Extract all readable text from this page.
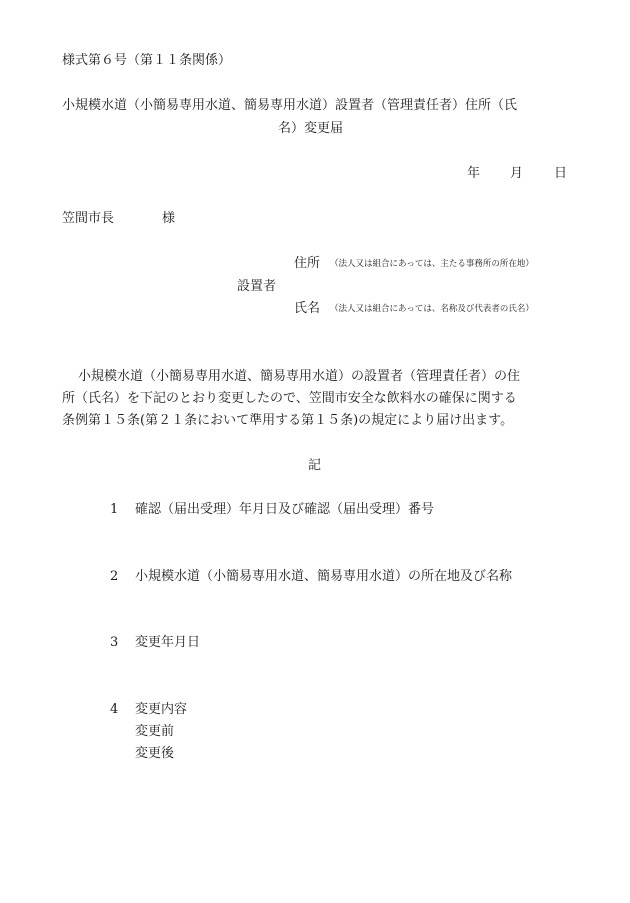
様式第６号（第１１条関係）
小規模水道（小簡易専用水道、簡易専用水道）設置者（管理責任者）住所（氏
名）変更届
年 月 日
笠間市長	様
住所 （法人又は組合にあっては、主たる事務所の所在地）
設置者
氏名 （法人又は組合にあっては、名称及び代表者の氏名）
小規模水道（小簡易専用水道、簡易専用水道）の設置者（管理責任者）の住
所（氏名）を下記のとおり変更したので、笠間市安全な飲料水の確保に関する
条例第１５条(第２１条において準用する第１５条)の規定により届け出ます。
記
1 確認（届出受理）年月日及び確認（届出受理）番号
2 小規模水道（小簡易専用水道、簡易専用水道）の所在地及び名称
3 変更年月日
4 変更内容
変更前
変更後
